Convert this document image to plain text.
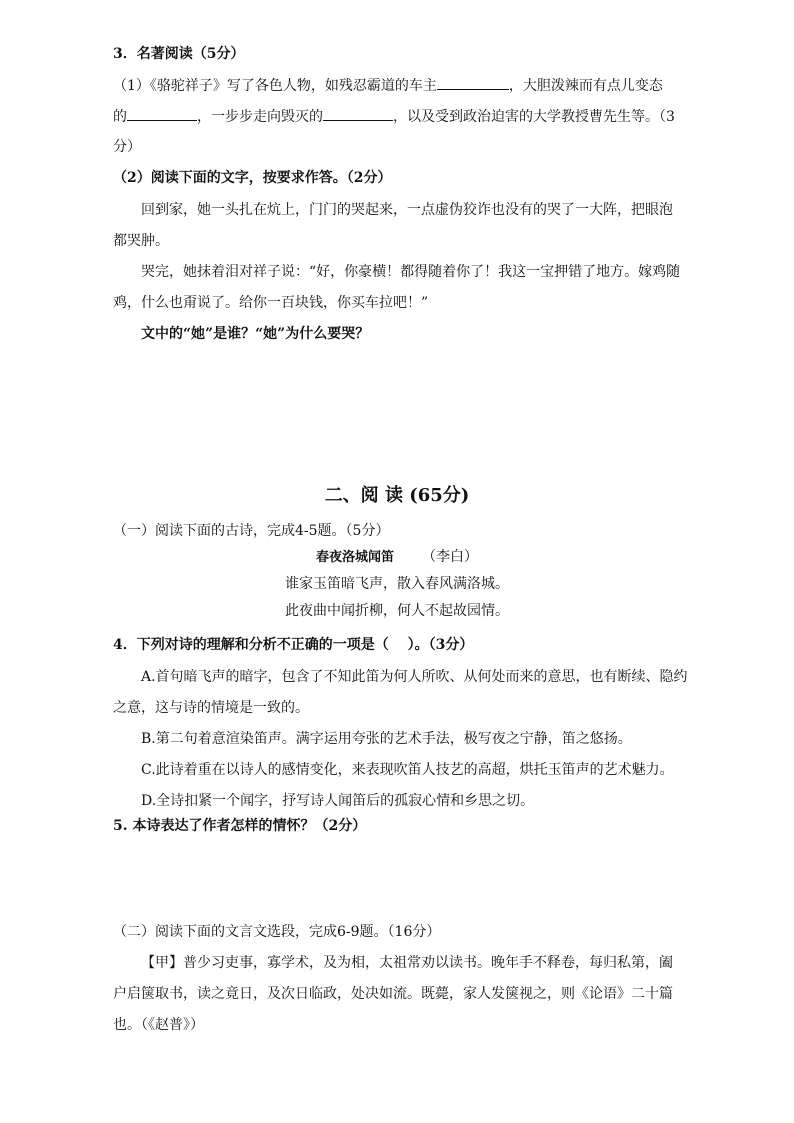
3．名著阅读（5分）
（1）《骆驼祥子》写了各色人物，如残忍霸道的车主	，大胆泼辣而有点儿变态
的	，一步步走向毁灭的	，以及受到政治迫害的大学教授曹先生等。（3
分）
（2）阅读下面的文字，按要求作答。（2分）
回到家，她一头扎在炕上，门门的哭起来，一点虚伪狡诈也没有的哭了一大阵，把眼泡
都哭肿。
哭完，她抹着泪对祥子说：“好，你豪横！都得随着你了！我这一宝押错了地方。嫁鸡随
鸡，什么也甭说了。给你一百块钱，你买车拉吧！”
文中的“她”是谁？“她”为什么要哭？
二、阅 读 (65分)
（一）阅读下面的古诗，完成4-5题。（5分）
春夜洛城闻笛 （李白）
谁家玉笛暗飞声，散入春风满洛城。
此夜曲中闻折柳，何人不起故园情。
4．下列对诗的理解和分析不正确的一项是（　 ）。（3分）
A.首句暗飞声的暗字，包含了不知此笛为何人所吹、从何处而来的意思，也有断续、隐约
之意，这与诗的情境是一致的。
B.第二句着意渲染笛声。满字运用夸张的艺术手法，极写夜之宁静，笛之悠扬。
C.此诗着重在以诗人的感情变化，来表现吹笛人技艺的高超，烘托玉笛声的艺术魅力。
D.全诗扣紧一个闻字，抒写诗人闻笛后的孤寂心情和乡思之切。
5. 本诗表达了作者怎样的情怀？（2分）
（二）阅读下面的文言文选段，完成6-9题。（16分）
【甲】普少习吏事，寡学术，及为相，太祖常劝以读书。晚年手不释卷，每归私第，阖
户启箧取书，读之竟日，及次日临政，处决如流。既薨，家人发箧视之，则《论语》二十篇
也。（《赵普》）
